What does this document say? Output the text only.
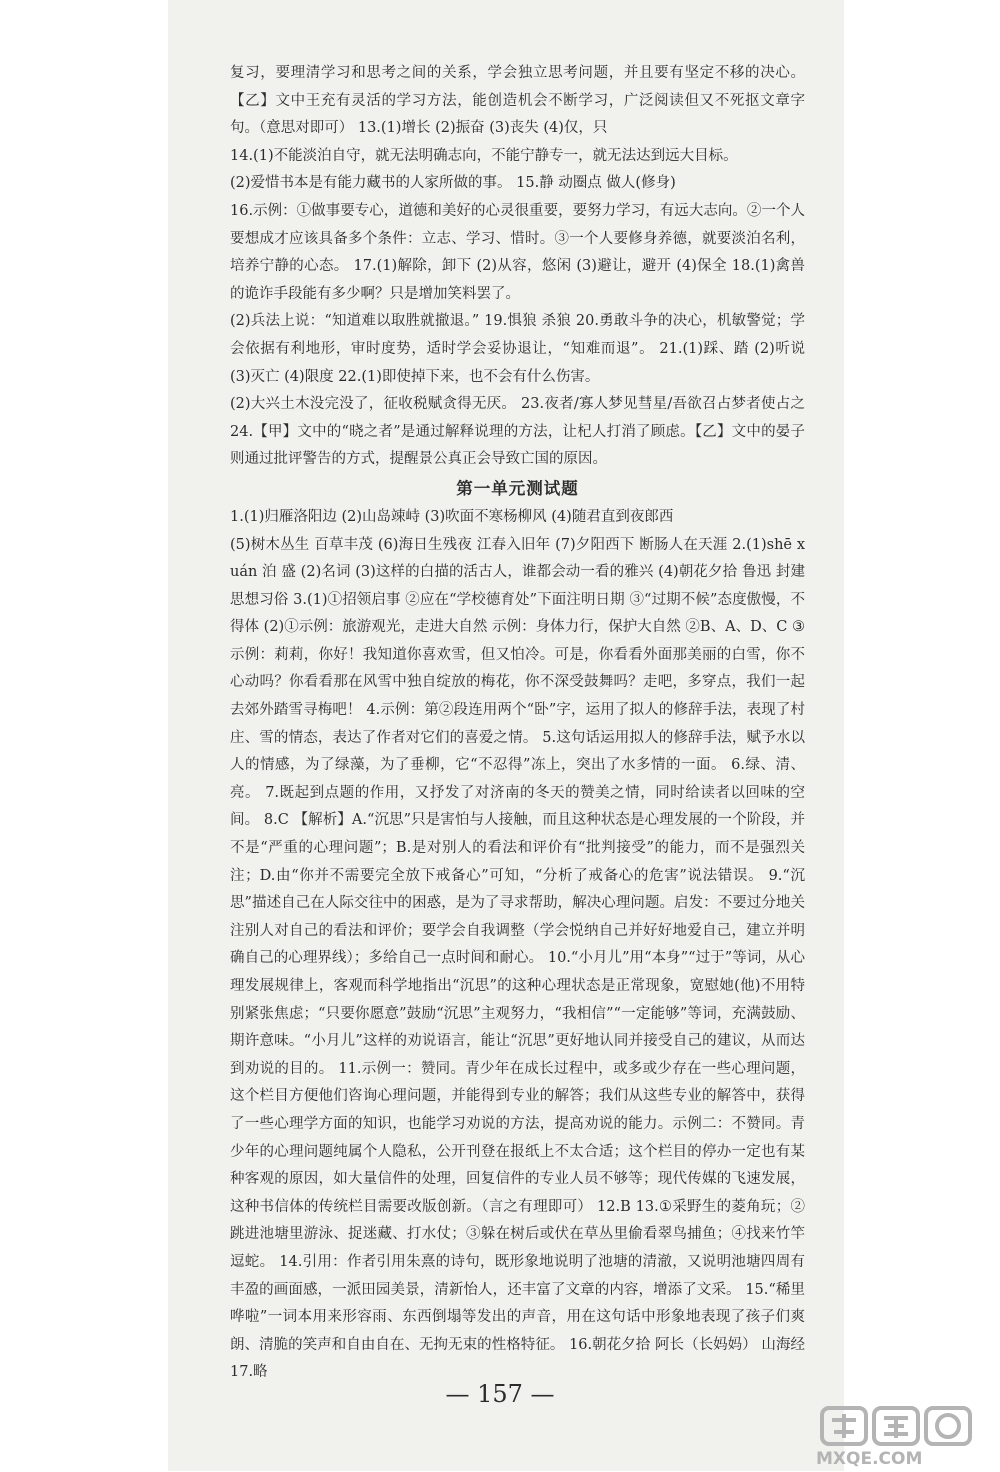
复习，要理清学习和思考之间的关系，学会独立思考问题，并且要有坚定不移的决心。【乙】文中王充有灵活的学习方法，能创造机会不断学习，广泛阅读但又不死抠文章字句。（意思对即可） 13.(1)增长 (2)振奋 (3)丧失 (4)仅，只

14.(1)不能淡泊自守，就无法明确志向，不能宁静专一，就无法达到远大目标。

(2)爱惜书本是有能力藏书的人家所做的事。 15.静 动圈点 做人(修身)

16.示例：①做事要专心，道德和美好的心灵很重要，要努力学习，有远大志向。②一个人要想成才应该具备多个条件：立志、学习、惜时。③一个人要修身养德，就要淡泊名利，培养宁静的心态。 17.(1)解除，卸下 (2)从容，悠闲 (3)避让，避开 (4)保全 18.(1)禽兽的诡诈手段能有多少啊？只是增加笑料罢了。

(2)兵法上说：“知道难以取胜就撤退。” 19.惧狼 杀狼 20.勇敢斗争的决心，机敏警觉；学会依据有利地形，审时度势，适时学会妥协退让，“知难而退”。 21.(1)踩、踏 (2)听说 (3)灭亡 (4)限度 22.(1)即使掉下来，也不会有什么伤害。

(2)大兴土木没完没了，征收税赋贪得无厌。 23.夜者/寡人梦见彗星/吾欲召占梦者使占之 24.【甲】文中的“晓之者”是通过解释说理的方法，让杞人打消了顾虑。【乙】文中的晏子则通过批评警告的方式，提醒景公真正会导致亡国的原因。

第一单元测试题

1.(1)归雁洛阳边 (2)山岛竦峙 (3)吹面不寒杨柳风 (4)随君直到夜郎西

(5)树木丛生 百草丰茂 (6)海日生残夜 江春入旧年 (7)夕阳西下 断肠人在天涯 2.(1)shē xuán 泊 盛 (2)名词 (3)这样的白描的活古人，谁都会动一看的雅兴 (4)朝花夕拾 鲁迅 封建思想习俗 3.(1)①招领启事 ②应在“学校德育处”下面注明日期 ③“过期不候”态度傲慢，不得体 (2)①示例：旅游观光，走进大自然 示例：身体力行，保护大自然 ②B、A、D、C ③示例：莉莉，你好！我知道你喜欢雪，但又怕冷。可是，你看看外面那美丽的白雪，你不心动吗？你看看那在风雪中独自绽放的梅花，你不深受鼓舞吗？走吧，多穿点，我们一起去郊外踏雪寻梅吧！ 4.示例：第②段连用两个“卧”字，运用了拟人的修辞手法，表现了村庄、雪的情态，表达了作者对它们的喜爱之情。 5.这句话运用拟人的修辞手法，赋予水以人的情感，为了绿藻，为了垂柳，它“不忍得”冻上，突出了水多情的一面。 6.绿、清、亮。 7.既起到点题的作用，又抒发了对济南的冬天的赞美之情，同时给读者以回味的空间。 8.C 【解析】A.“沉思”只是害怕与人接触，而且这种状态是心理发展的一个阶段，并不是“严重的心理问题”；B.是对别人的看法和评价有“批判接受”的能力，而不是强烈关注；D.由“你并不需要完全放下戒备心”可知，“分析了戒备心的危害”说法错误。 9.“沉思”描述自己在人际交往中的困惑，是为了寻求帮助，解决心理问题。启发：不要过分地关注别人对自己的看法和评价；要学会自我调整（学会悦纳自己并好好地爱自己，建立并明确自己的心理界线）；多给自己一点时间和耐心。 10.“小月儿”用“本身”“过于”等词，从心理发展规律上，客观而科学地指出“沉思”的这种心理状态是正常现象，宽慰她(他)不用特别紧张焦虑；“只要你愿意”鼓励“沉思”主观努力，“我相信”“一定能够”等词，充满鼓励、期许意味。“小月儿”这样的劝说语言，能让“沉思”更好地认同并接受自己的建议，从而达到劝说的目的。 11.示例一：赞同。青少年在成长过程中，或多或少存在一些心理问题，这个栏目方便他们咨询心理问题，并能得到专业的解答；我们从这些专业的解答中，获得了一些心理学方面的知识，也能学习劝说的方法，提高劝说的能力。示例二：不赞同。青少年的心理问题纯属个人隐私，公开刊登在报纸上不太合适；这个栏目的停办一定也有某种客观的原因，如大量信件的处理，回复信件的专业人员不够等；现代传媒的飞速发展，这种书信体的传统栏目需要改版创新。（言之有理即可） 12.B 13.①采野生的菱角玩；②跳进池塘里游泳、捉迷藏、打水仗；③躲在树后或伏在草丛里偷看翠鸟捕鱼；④找来竹竿逗蛇。 14.引用：作者引用朱熹的诗句，既形象地说明了池塘的清澈，又说明池塘四周有丰盈的画面感，一派田园美景，清新怡人，还丰富了文章的内容，增添了文采。 15.“稀里哗啦”一词本用来形容雨、东西倒塌等发出的声音，用在这句话中形象地表现了孩子们爽朗、清脆的笑声和自由自在、无拘无束的性格特征。 16.朝花夕拾 阿长（长妈妈） 山海经 17.略

— 157 —
MXQE.COM
